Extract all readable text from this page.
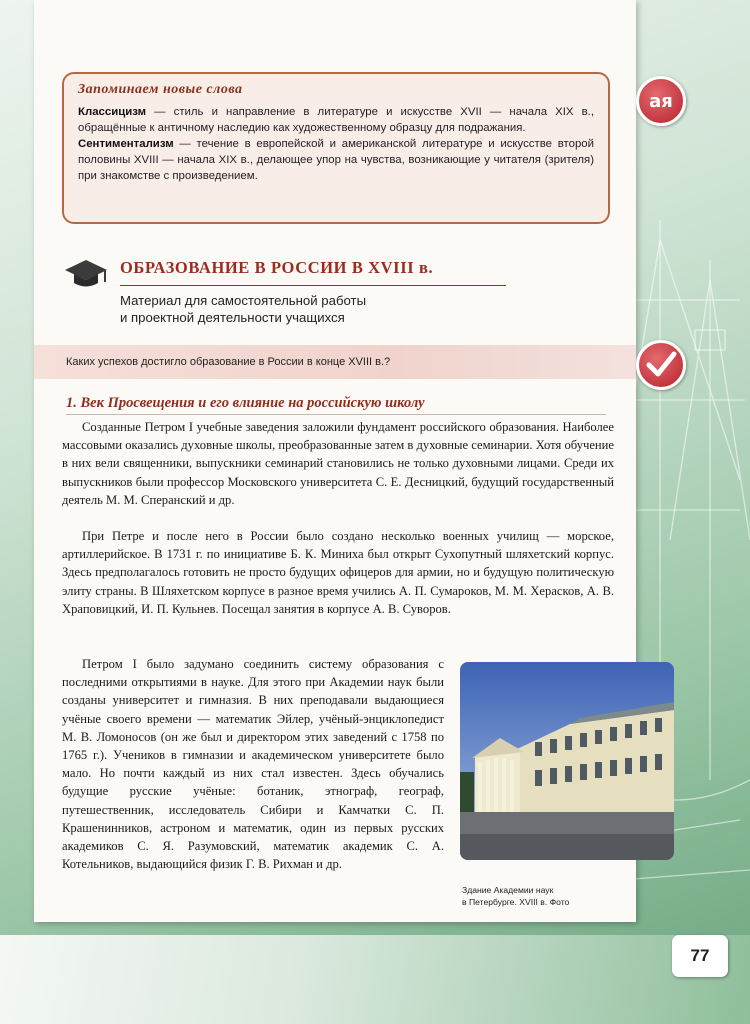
Запоминаем новые слова

Классицизм — стиль и направление в литературе и искусстве XVII — начала XIX в., обращённые к античному наследию как художественному образцу для подражания.

Сентиментализм — течение в европейской и американской литературе и искусстве второй половины XVIII — начала XIX в., делающее упор на чувства, возникающие у читателя (зрителя) при знакомстве с произведением.

ая
ОБРАЗОВАНИЕ В РОССИИ В XVIII в.
Материал для самостоятельной работы
и проектной деятельности учащихся
Каких успехов достигло образование в России в конце XVIII в.?
1. Век Просвещения и его влияние на российскую школу

Созданные Петром I учебные заведения заложили фундамент российского образования. Наиболее массовыми оказались духовные школы, преобразованные затем в духовные семинарии. Хотя обучение в них вели священники, выпускники семинарий становились не только духовными лицами. Среди их выпускников были профессор Московского университета С. Е. Десницкий, будущий государственный деятель М. М. Сперанский и др.

При Петре и после него в России было создано несколько военных училищ — морское, артиллерийское. В 1731 г. по инициативе Б. К. Миниха был открыт Сухопутный шляхетский корпус. Здесь предполагалось готовить не просто будущих офицеров для армии, но и будущую политическую элиту страны. В Шляхетском корпусе в разное время учились А. П. Сумароков, М. М. Херасков, А. В. Храповицкий, И. П. Кульнев. Посещал занятия в корпусе А. В. Суворов.

Петром I было задумано соединить систему образования с последними открытиями в науке. Для этого при Академии наук были созданы университет и гимназия. В них преподавали выдающиеся учёные своего времени — математик Эйлер, учёный-энциклопедист М. В. Ломоносов (он же был и директором этих заведений с 1758 по 1765 г.). Учеников в гимназии и академическом университете было мало. Но почти каждый из них стал известен. Здесь обучались будущие русские учёные: ботаник, этнограф, географ, путешественник, исследователь Сибири и Камчатки С. П. Крашенинников, астроном и математик, один из первых русских академиков С. Я. Разумовский, математик академик С. А. Котельников, выдающийся физик Г. В. Рихман и др.

Здание Академии наук
в Петербурге. XVIII в. Фото
77
